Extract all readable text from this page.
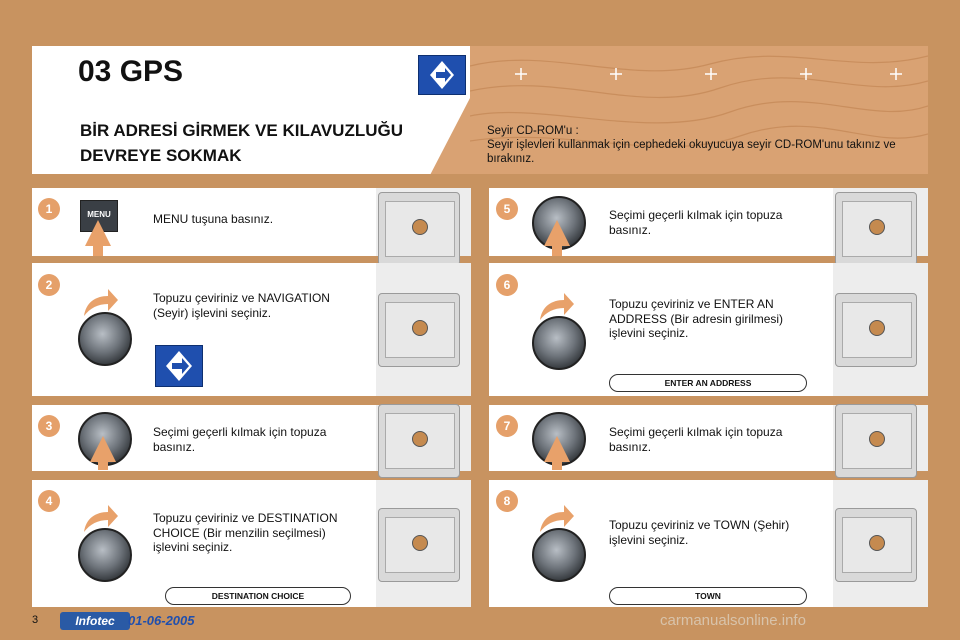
03 GPS
BİR ADRESİ GİRMEK VE KILAVUZLUĞU DEVREYE SOKMAK

Seyir CD-ROM'u :

Seyir işlevleri kullanmak için cephedeki okuyucuya seyir CD-ROM'unu takınız ve bırakınız.

1	MENU	MENU tuşuna basınız.
2
Topuzu çeviriniz ve NAVIGATION (Seyir) işlevini seçiniz.
3	Seçimi geçerli kılmak için topuza basınız.
4
Topuzu çeviriniz ve DESTINATION CHOICE (Bir menzilin seçilmesi) işlevini seçiniz.
DESTINATION CHOICE
5	Seçimi geçerli kılmak için topuza basınız.
6
Topuzu çeviriniz ve ENTER AN ADDRESS (Bir adresin girilmesi) işlevini seçiniz.
ENTER AN ADDRESS
7	Seçimi geçerli kılmak için topuza basınız.
8
Topuzu çeviriniz ve TOWN (Şehir) işlevini seçiniz.
TOWN
3	Infotec	01-06-2005	carmanualsonline.info
